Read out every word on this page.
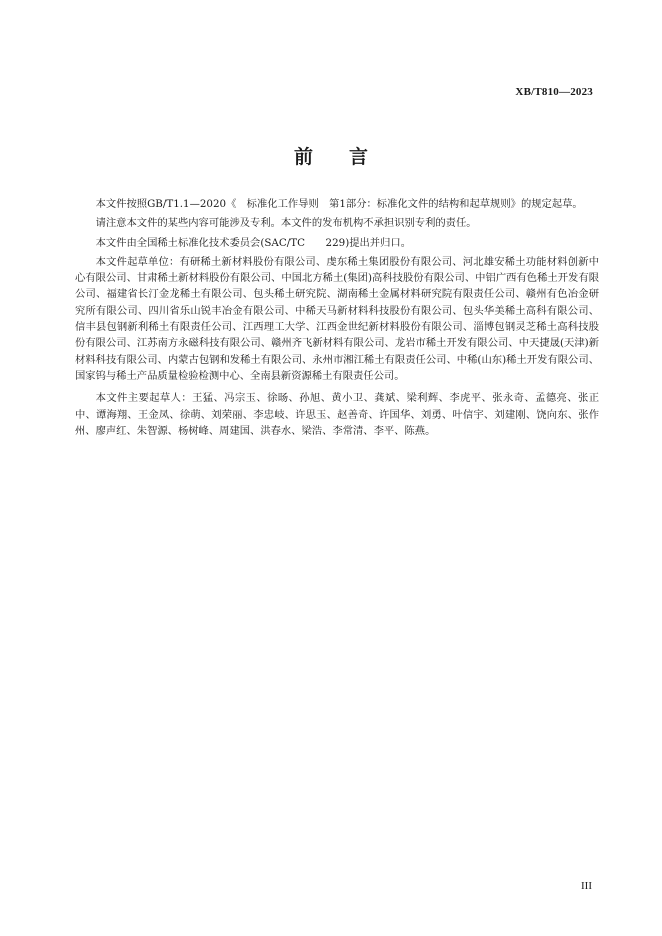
XB/T810—2023
前 言

本文件按照GB/T1.1—2020《　标准化工作导则　第1部分：标准化文件的结构和起草规则》的规定起草。

请注意本文件的某些内容可能涉及专利。本文件的发布机构不承担识别专利的责任。

本文件由全国稀土标准化技术委员会(SAC/TC　　229)提出并归口。

本文件起草单位：有研稀土新材料股份有限公司、虔东稀土集团股份有限公司、河北雄安稀土功能材料创新中心有限公司、甘肃稀土新材料股份有限公司、中国北方稀土(集团)高科技股份有限公司、中铝广西有色稀土开发有限公司、福建省长汀金龙稀土有限公司、包头稀土研究院、湖南稀土金属材料研究院有限责任公司、赣州有色冶金研究所有限公司、四川省乐山锐丰冶金有限公司、中稀天马新材料科技股份有限公司、包头华美稀土高科有限公司、信丰县包钢新利稀土有限责任公司、江西理工大学、江西金世纪新材料股份有限公司、淄博包钢灵芝稀土高科技股份有限公司、江苏南方永磁科技有限公司、赣州齐飞新材料有限公司、龙岩市稀土开发有限公司、中天捷晟(天津)新材料科技有限公司、内蒙古包钢和发稀土有限公司、永州市湘江稀土有限责任公司、中稀(山东)稀土开发有限公司、国家钨与稀土产品质量检验检测中心、全南县新资源稀土有限责任公司。

本文件主要起草人：王猛、冯宗玉、徐旸、孙旭、黄小卫、龚斌、梁利辉、李虎平、张永奇、孟德亮、张正中、谭海翔、王金凤、徐萌、刘荣丽、李忠岐、许思玉、赵善奇、许国华、刘勇、叶信宇、刘建刚、饶向东、张作州、廖声红、朱智源、杨树峰、周建国、洪春水、梁浩、李常清、李平、陈燕。

III
